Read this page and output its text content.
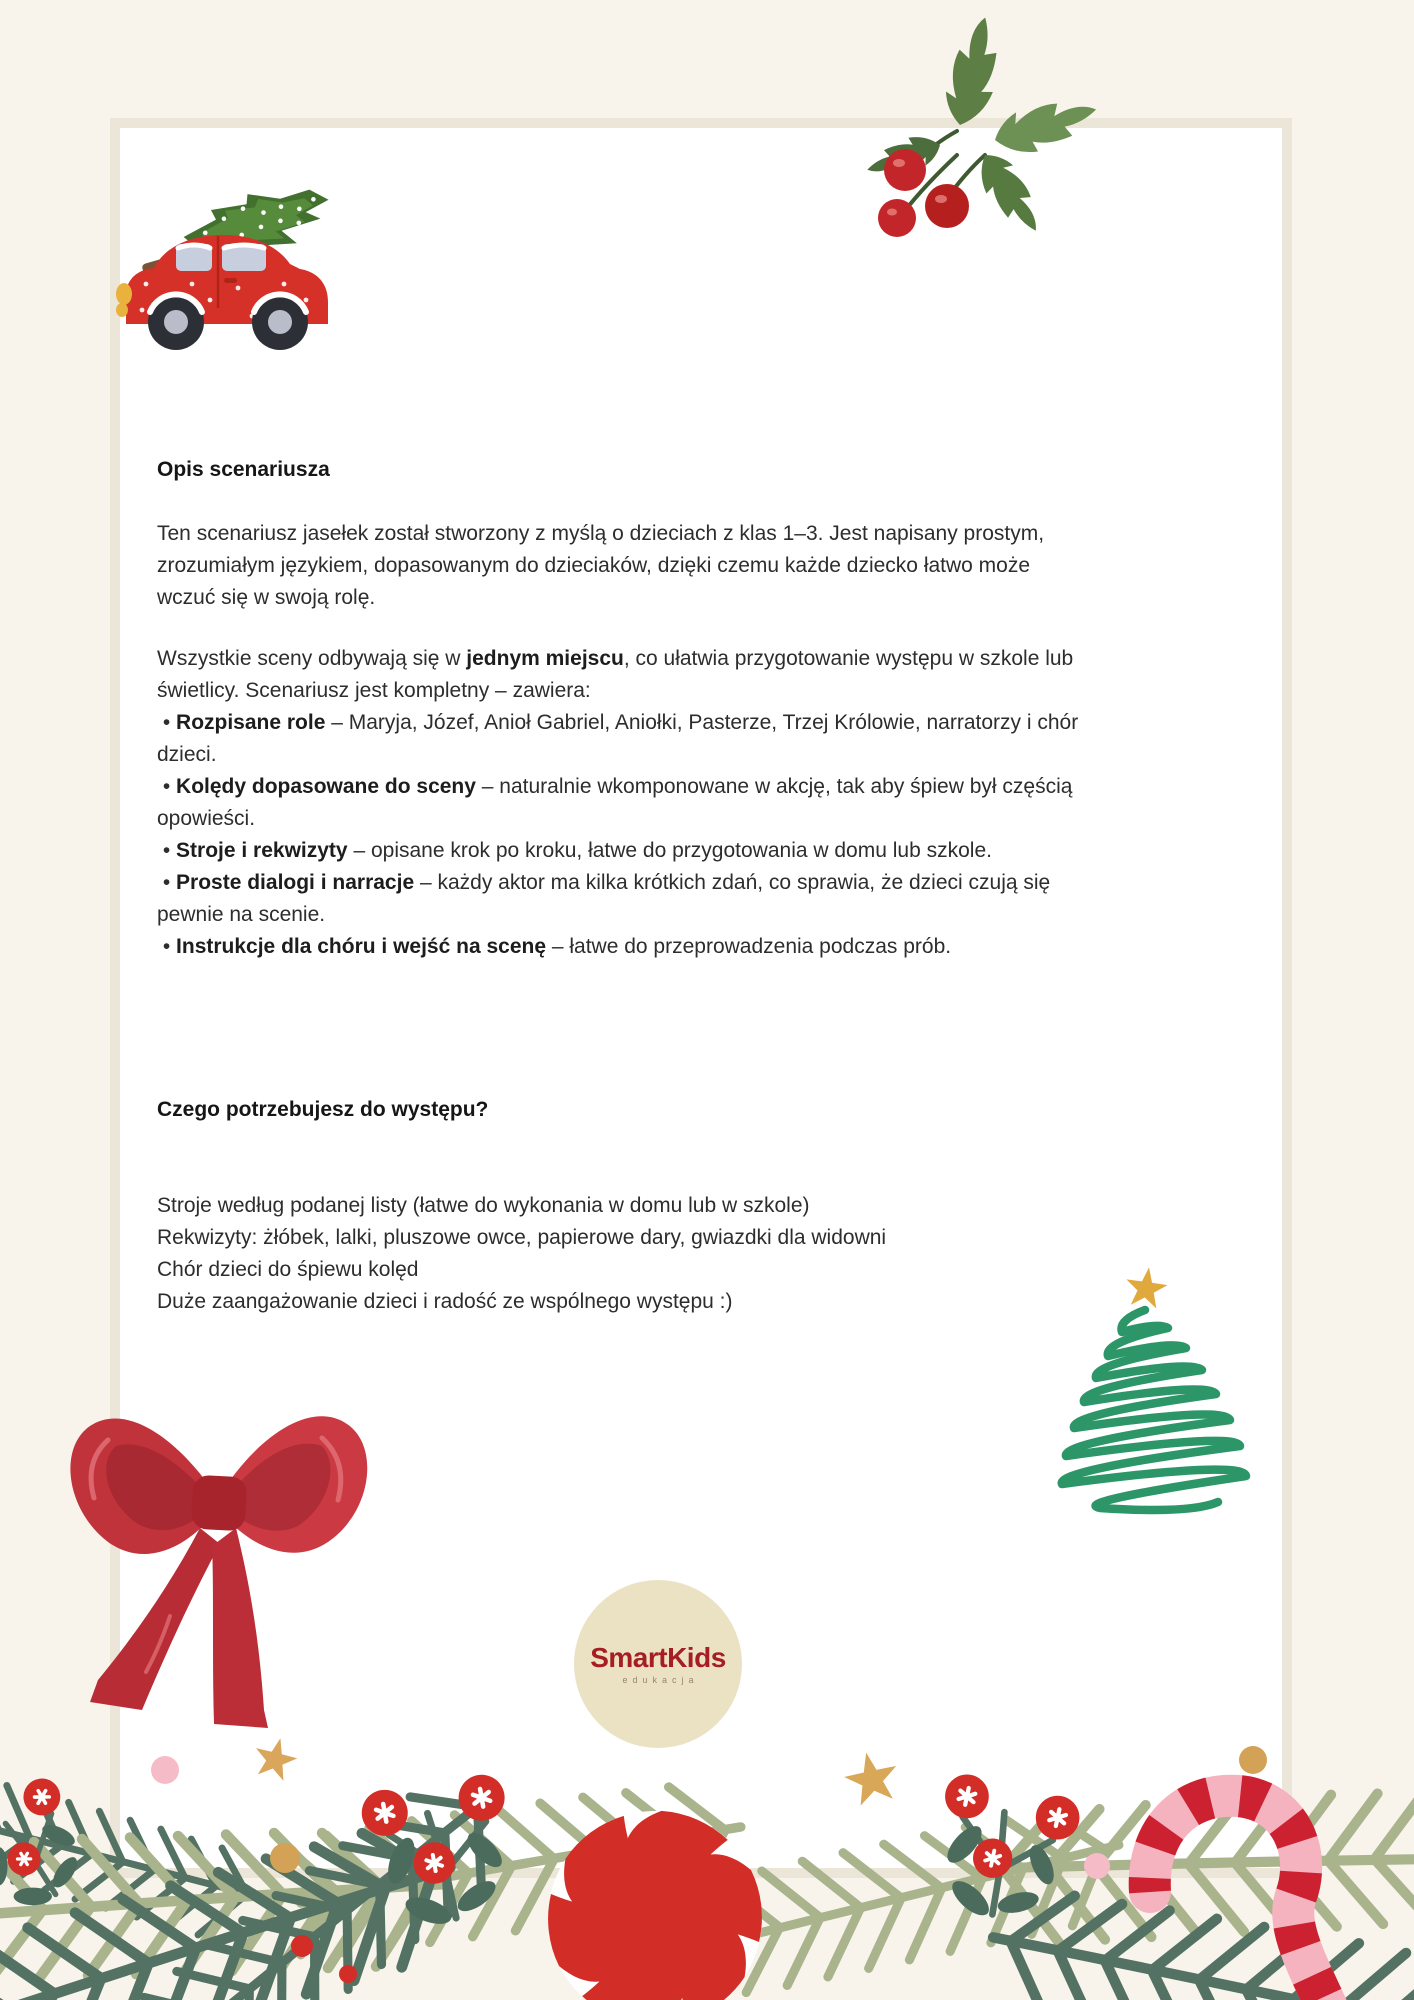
Opis scenariusza
Ten scenariusz jasełek został stworzony z myślą o dzieciach z klas 1–3. Jest napisany prostym,
zrozumiałym językiem, dopasowanym do dzieciaków, dzięki czemu każde dziecko łatwo może
wczuć się w swoją rolę.
Wszystkie sceny odbywają się w jednym miejscu, co ułatwia przygotowanie występu w szkole lub
świetlicy. Scenariusz jest kompletny – zawiera:
• Rozpisane role – Maryja, Józef, Anioł Gabriel, Aniołki, Pasterze, Trzej Królowie, narratorzy i chór
dzieci.
• Kolędy dopasowane do sceny – naturalnie wkomponowane w akcję, tak aby śpiew był częścią
opowieści.
• Stroje i rekwizyty – opisane krok po kroku, łatwe do przygotowania w domu lub szkole.
• Proste dialogi i narracje – każdy aktor ma kilka krótkich zdań, co sprawia, że dzieci czują się
pewnie na scenie.
• Instrukcje dla chóru i wejść na scenę – łatwe do przeprowadzenia podczas prób.
Czego potrzebujesz do występu?
Stroje według podanej listy (łatwe do wykonania w domu lub w szkole)
Rekwizyty: żłóbek, lalki, pluszowe owce, papierowe dary, gwiazdki dla widowni
Chór dzieci do śpiewu kolęd
Duże zaangażowanie dzieci i radość ze wspólnego występu :)
SmartKids
edukacja
